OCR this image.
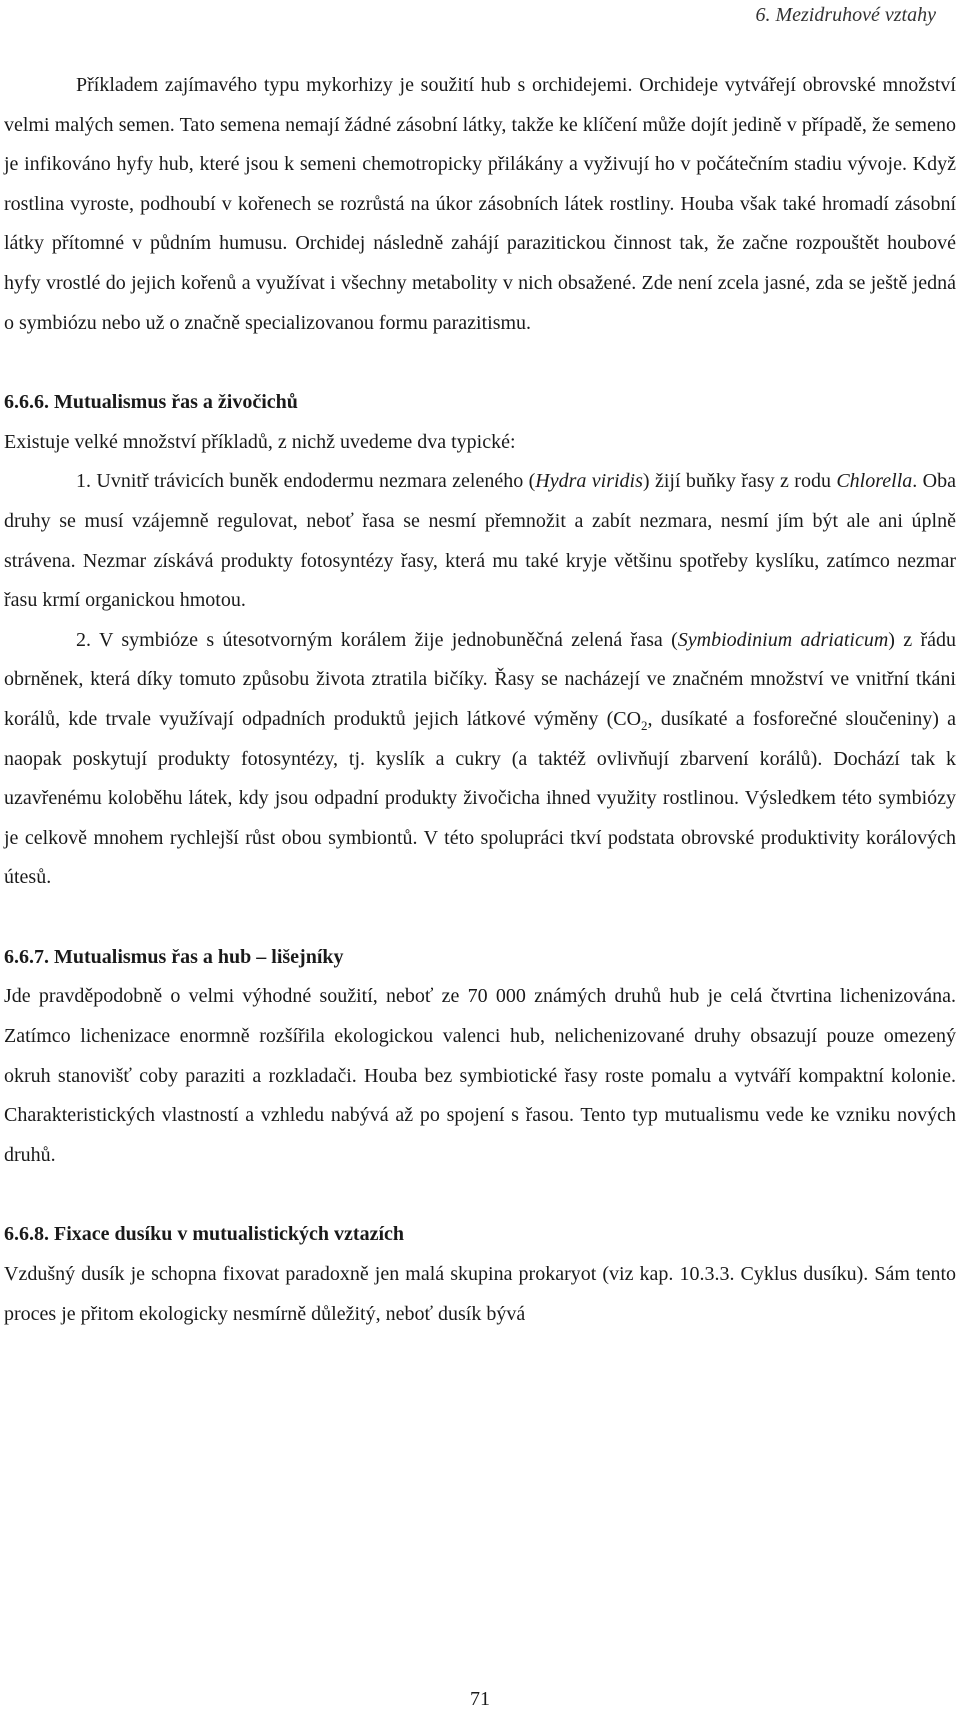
6. Mezidruhové vztahy

Příkladem zajímavého typu mykorhizy je soužití hub s orchidejemi. Orchideje vytvářejí obrovské množství velmi malých semen. Tato semena nemají žádné zásobní látky, takže ke klíčení může dojít jedině v případě, že semeno je infikováno hyfy hub, které jsou k semeni chemotropicky přilákány a vyživují ho v počátečním stadiu vývoje. Když rostlina vyroste, podhoubí v kořenech se rozrůstá na úkor zásobních látek rostliny. Houba však také hromadí zásobní látky přítomné v půdním humusu. Orchidej následně zahájí parazitickou činnost tak, že začne rozpouštět houbové hyfy vrostlé do jejich kořenů a využívat i všechny metabolity v nich obsažené. Zde není zcela jasné, zda se ještě jedná o symbiózu nebo už o značně specializovanou formu parazitismu.

6.6.6. Mutualismus řas a živočichů

Existuje velké množství příkladů, z nichž uvedeme dva typické:

1. Uvnitř trávicích buněk endodermu nezmara zeleného (Hydra viridis) žijí buňky řasy z rodu Chlorella. Oba druhy se musí vzájemně regulovat, neboť řasa se nesmí přemnožit a zabít nezmara, nesmí jím být ale ani úplně strávena. Nezmar získává produkty fotosyntézy řasy, která mu také kryje většinu spotřeby kyslíku, zatímco nezmar řasu krmí organickou hmotou.

2. V symbióze s útesotvorným korálem žije jednobuněčná zelená řasa (Symbiodinium adriaticum) z řádu obrněnek, která díky tomuto způsobu života ztratila bičíky. Řasy se nacházejí ve značném množství ve vnitřní tkáni korálů, kde trvale využívají odpadních produktů jejich látkové výměny ($CO_2$, dusíkaté a fosforečné sloučeniny) a naopak poskytují produkty fotosyntézy, tj. kyslík a cukry (a taktéž ovlivňují zbarvení korálů). Dochází tak k uzavřenému koloběhu látek, kdy jsou odpadní produkty živočicha ihned využity rostlinou. Výsledkem této symbiózy je celkově mnohem rychlejší růst obou symbiontů. V této spolupráci tkví podstata obrovské produktivity korálových útesů.

6.6.7. Mutualismus řas a hub – lišejníky

Jde pravděpodobně o velmi výhodné soužití, neboť ze 70 000 známých druhů hub je celá čtvrtina lichenizována. Zatímco lichenizace enormně rozšířila ekologickou valenci hub, nelichenizované druhy obsazují pouze omezený okruh stanovišť coby paraziti a rozkladači. Houba bez symbiotické řasy roste pomalu a vytváří kompaktní kolonie. Charakteristických vlastností a vzhledu nabývá až po spojení s řasou. Tento typ mutualismu vede ke vzniku nových druhů.

6.6.8. Fixace dusíku v mutualistických vztazích

Vzdušný dusík je schopna fixovat paradoxně jen malá skupina prokaryot (viz kap. 10.3.3. Cyklus dusíku). Sám tento proces je přitom ekologicky nesmírně důležitý, neboť dusík bývá

71
